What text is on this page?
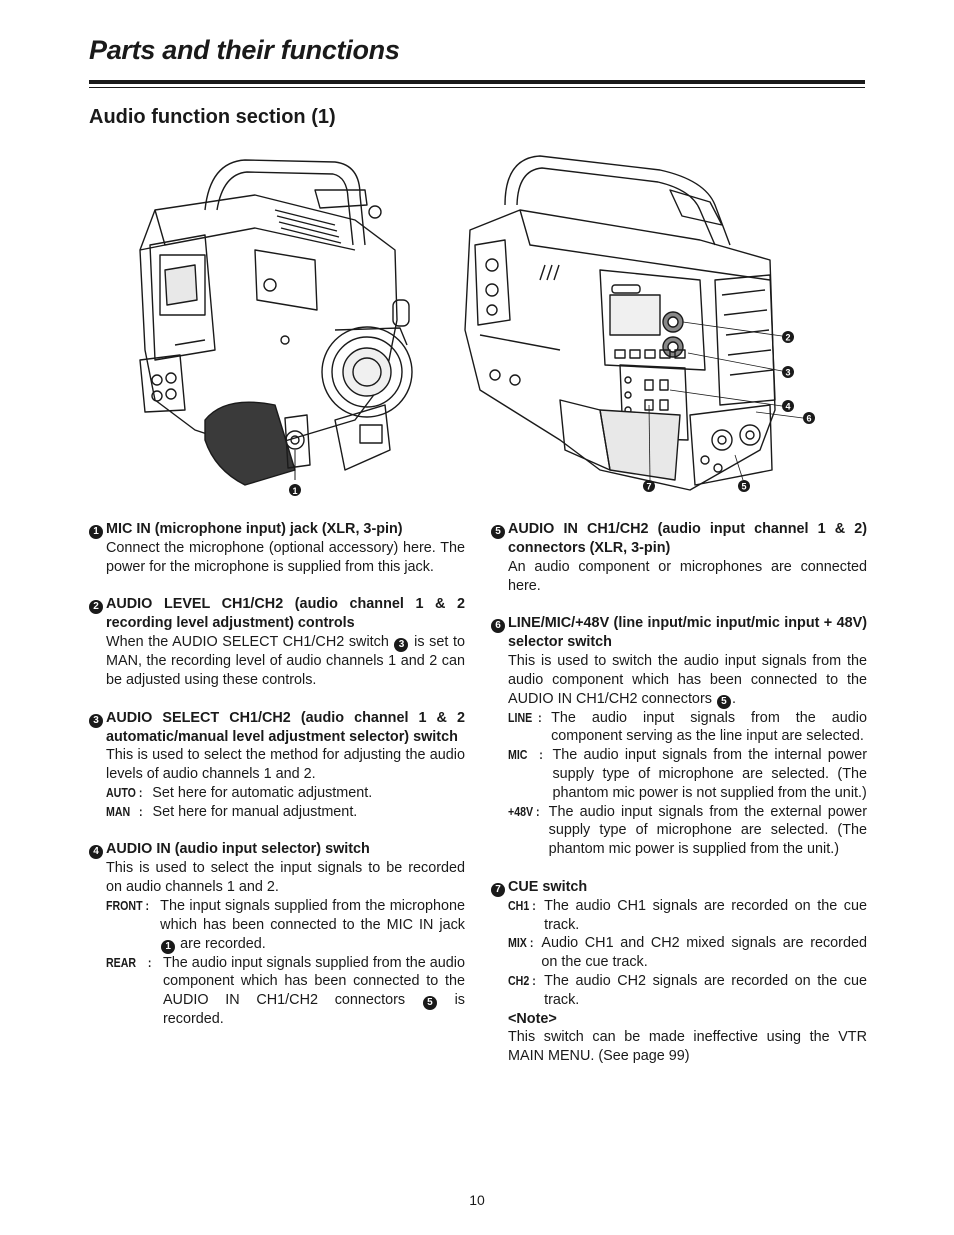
Parts and their functions
Audio function section (1)
1
2
3
4
6
7	5
1 MIC IN (microphone input) jack (XLR, 3-pin)
Connect the microphone (optional accessory) here. The power for the microphone is supplied from this jack.
2 AUDIO LEVEL CH1/CH2 (audio channel 1 & 2 recording level adjustment) controls
When the AUDIO SELECT CH1/CH2 switch 3 is set to MAN, the recording level of audio channels 1 and 2 can be adjusted using these controls.
3 AUDIO SELECT CH1/CH2 (audio channel 1 & 2 automatic/manual level adjustment selector) switch
This is used to select the method for adjusting the audio levels of audio channels 1 and 2.
AUTO : Set here for automatic adjustment.
MAN   : Set here for manual adjustment.
4 AUDIO IN (audio input selector) switch
This is used to select the input signals to be recorded on audio channels 1 and 2.
FRONT : The input signals supplied from the microphone which has been connected to the MIC IN jack 1 are recorded.
REAR    : The audio input signals supplied from the audio component which has been connected to the AUDIO IN CH1/CH2 connectors 5 is recorded.
5 AUDIO IN CH1/CH2 (audio input channel 1 & 2) connectors (XLR, 3-pin)
An audio component or microphones are connected here.
6 LINE/MIC/+48V (line input/mic input/mic input + 48V) selector switch
This is used to switch the audio input signals from the audio component which has been connected to the AUDIO IN CH1/CH2 connectors 5 .
LINE  : The audio input signals from the audio component serving as the line input are selected.
MIC    : The audio input signals from the internal power supply type of microphone are selected. (The phantom mic power is not supplied from the unit.)
+48V : The audio input signals from the external power supply type of microphone are selected. (The phantom mic power is supplied from the unit.)
7 CUE switch
CH1 : The audio CH1 signals are recorded on the cue track.
MIX : Audio CH1 and CH2 mixed signals are recorded on the cue track.
CH2 : The audio CH2 signals are recorded on the cue track.
<Note>
This switch can be made ineffective using the VTR MAIN MENU. (See page 99)
10
